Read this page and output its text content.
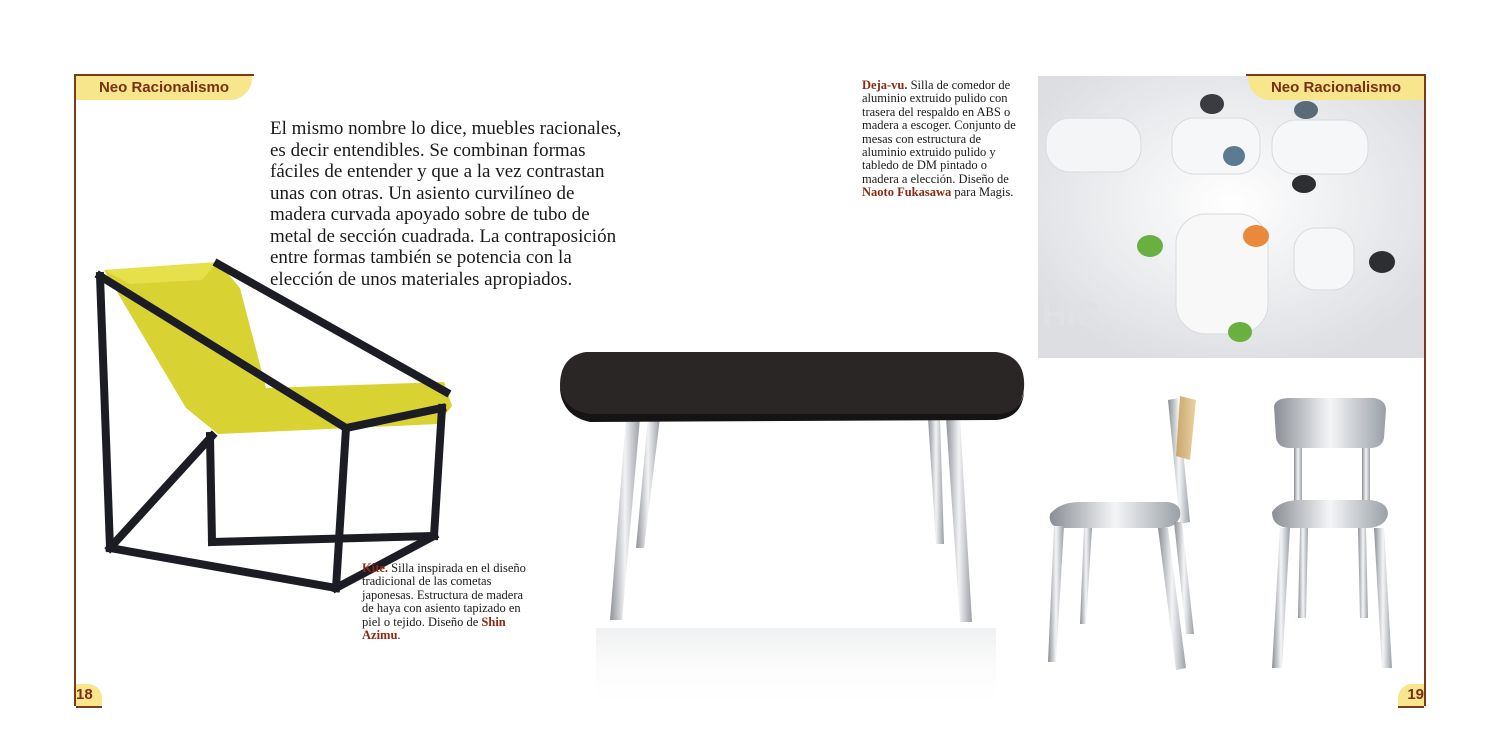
HIC
Neo Racionalismo
Neo Racionalismo
El mismo nombre lo dice, muebles racionales,
es decir entendibles. Se combinan formas
fáciles de entender y que a la vez contrastan
unas con otras. Un asiento curvilíneo de
madera curvada apoyado sobre de tubo de
metal de sección cuadrada. La contraposición
entre formas también se potencia con la
elección de unos materiales apropiados.
Kite. Silla inspirada en el diseño
tradicional de las cometas
japonesas. Estructura de madera
de haya con asiento tapizado en
piel o tejido. Diseño de Shin
Azimu.
Deja-vu. Silla de comedor de
aluminio extruido pulido con
trasera del respaldo en ABS o
madera a escoger. Conjunto de
mesas con estructura de
aluminio extruido pulido y
tabledo de DM pintado o
madera a elección. Diseño de
Naoto Fukasawa para Magis.
18	19
